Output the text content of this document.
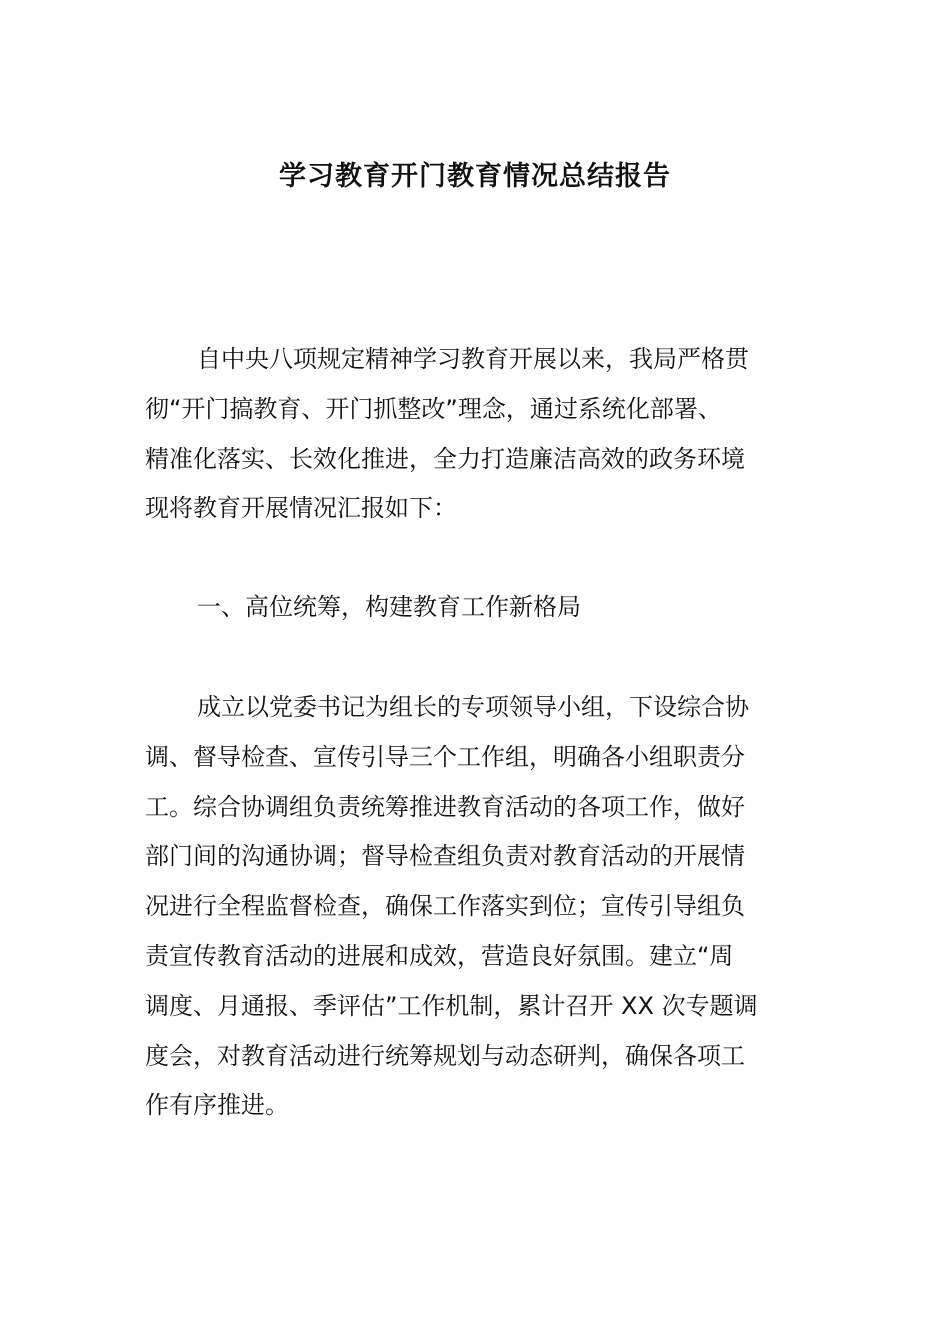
学习教育开门教育情况总结报告
自中央八项规定精神学习教育开展以来，我局严格贯
彻“开门搞教育、开门抓整改”理念，通过系统化部署、
精准化落实、长效化推进，全力打造廉洁高效的政务环境
现将教育开展情况汇报如下：
一、高位统筹，构建教育工作新格局
成立以党委书记为组长的专项领导小组，下设综合协
调、督导检查、宣传引导三个工作组，明确各小组职责分
工。综合协调组负责统筹推进教育活动的各项工作，做好
部门间的沟通协调；督导检查组负责对教育活动的开展情
况进行全程监督检查，确保工作落实到位；宣传引导组负
责宣传教育活动的进展和成效，营造良好氛围。建立“周
调度、月通报、季评估”工作机制，累计召开 XX 次专题调
度会，对教育活动进行统筹规划与动态研判，确保各项工
作有序推进。
